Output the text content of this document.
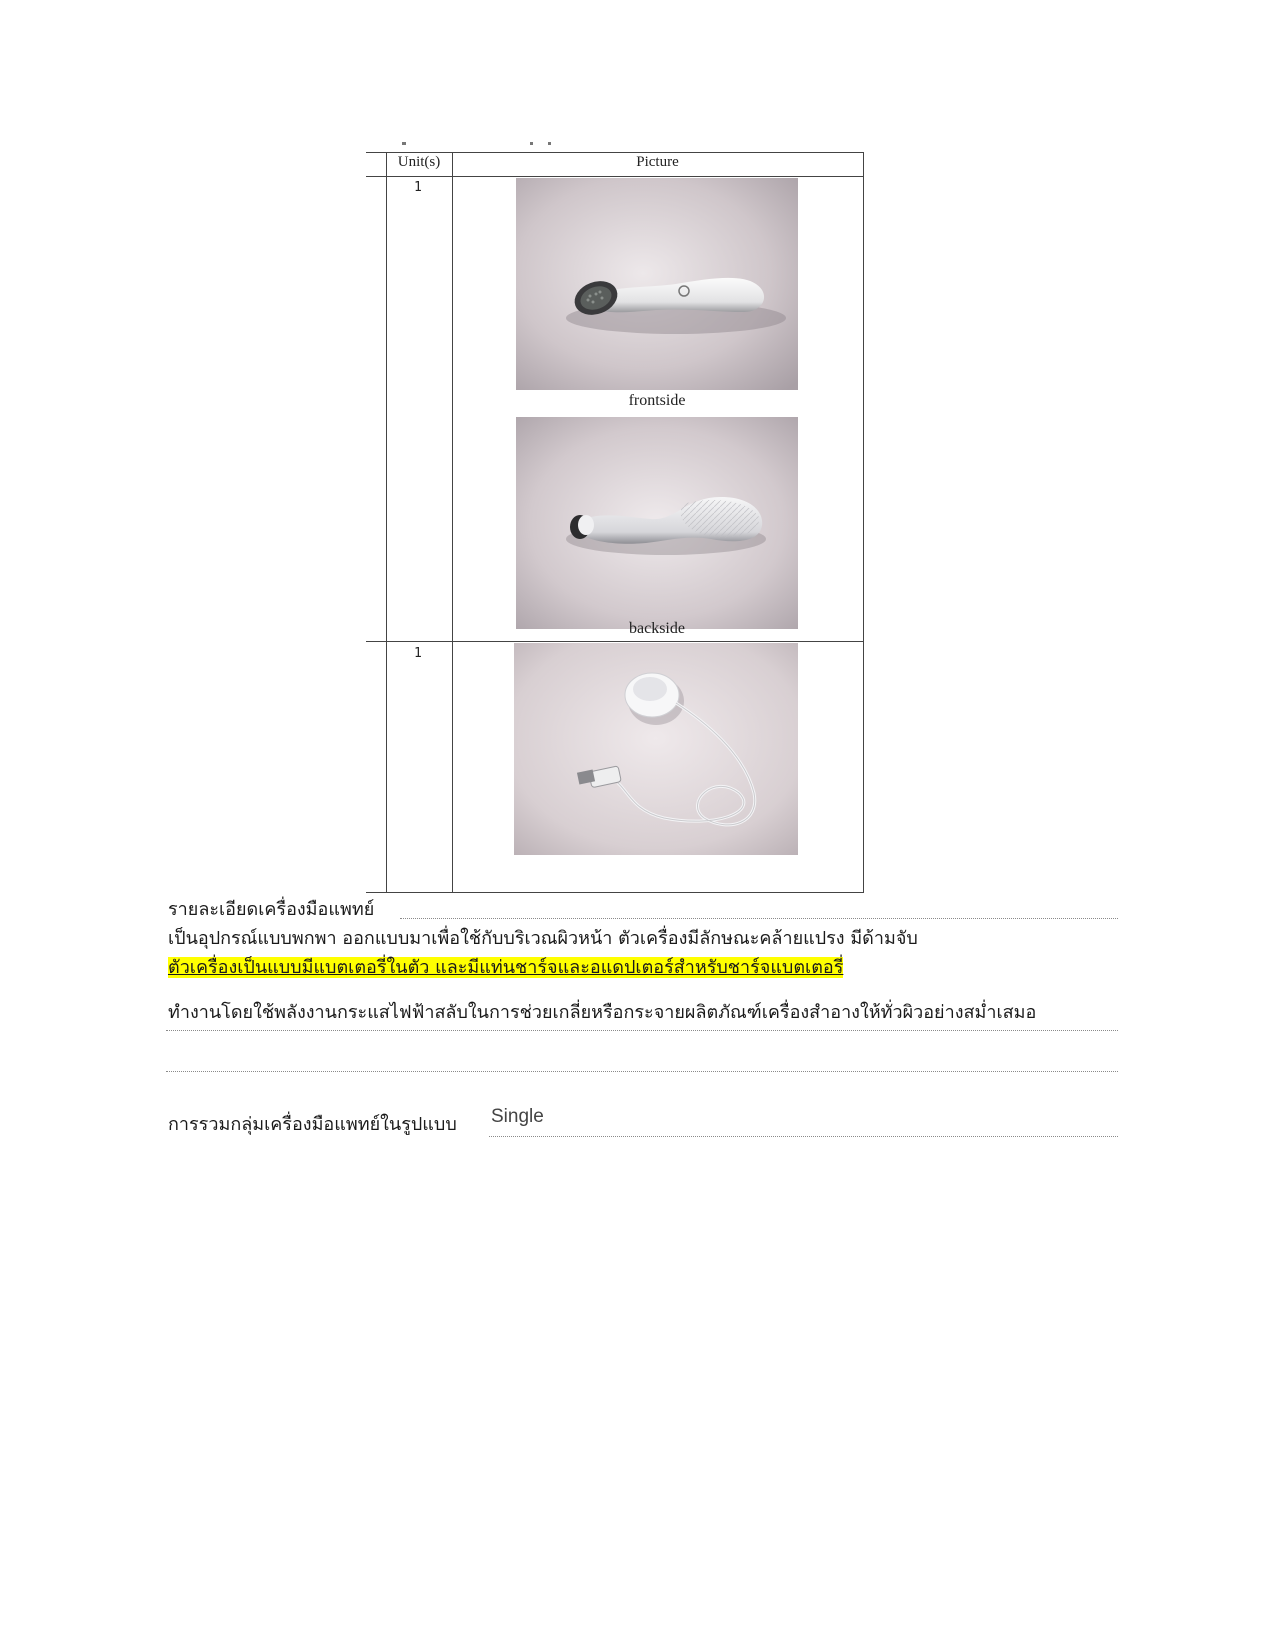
Unit(s)	Picture
1
frontside
backside
1
รายละเอียดเครื่องมือแพทย์
เป็นอุปกรณ์แบบพกพา ออกแบบมาเพื่อใช้กับบริเวณผิวหน้า ตัวเครื่องมีลักษณะคล้ายแปรง มีด้ามจับ
ตัวเครื่องเป็นแบบมีแบตเตอรี่ในตัว และมีแท่นชาร์จและอแดปเตอร์สำหรับชาร์จแบตเตอรี่
ทำงานโดยใช้พลังงานกระแสไฟฟ้าสลับในการช่วยเกลี่ยหรือกระจายผลิตภัณฑ์เครื่องสำอางให้ทั่วผิวอย่างสม่ำเสมอ
การรวมกลุ่มเครื่องมือแพทย์ในรูปแบบ Single
